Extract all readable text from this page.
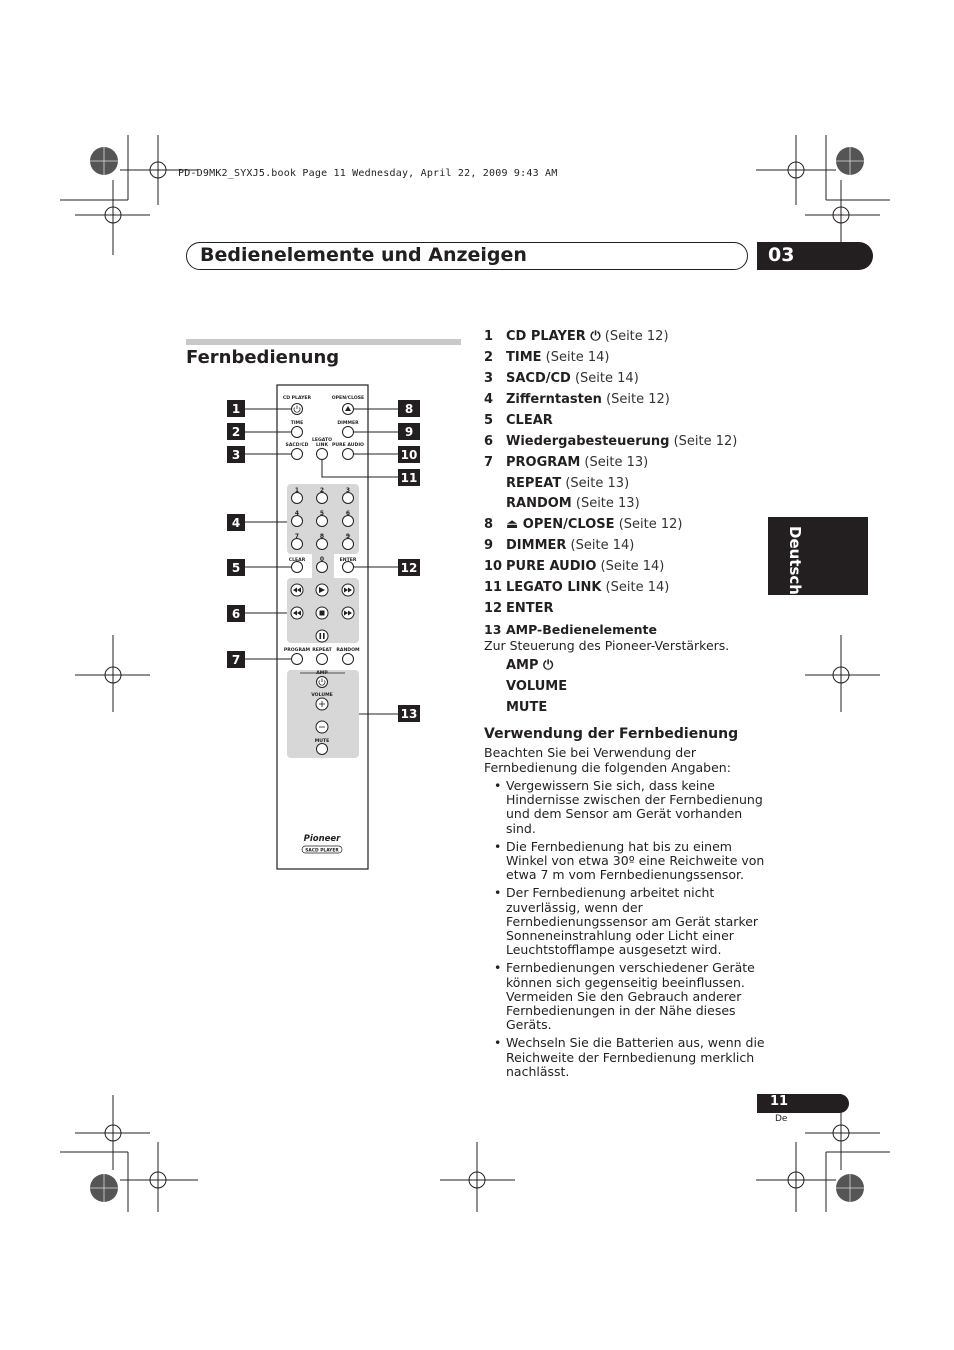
PD-D9MK2_SYXJ5.book Page 11 Wednesday, April 22, 2009 9:43 AM
Bedienelemente und Anzeigen	03
Fernbedienung
Deutsch
CD PLAYER	OPEN/CLOSE
TIME	DIMMER
SACD/CD
LEGATO
LINK PURE AUDIO
CLEAR	ENTER
PROGRAM REPEAT RANDOM
AMP
VOLUME
MUTE
1	2	3
4	5	6
7	8	9
0
Pioneer
SACD PLAYER
1
2
3
4
5
6
7
8
9
10
11
12
13
1 CD PLAYER ⏻ (Seite 12)
2 TIME (Seite 14)
3 SACD/CD (Seite 14)
4 Zifferntasten (Seite 12)
5 CLEAR
6 Wiedergabesteuerung (Seite 12)
7 PROGRAM (Seite 13)
REPEAT (Seite 13)
RANDOM (Seite 13)
8 ⏏ OPEN/CLOSE (Seite 12)
9 DIMMER (Seite 14)
10 PURE AUDIO (Seite 14)
11 LEGATO LINK (Seite 14)
12 ENTER
13 AMP-Bedienelemente
Zur Steuerung des Pioneer-Verstärkers.
AMP ⏻
VOLUME
MUTE
Verwendung der Fernbedienung
Beachten Sie bei Verwendung der Fernbedienung die folgenden Angaben:
• Vergewissern Sie sich, dass keine Hindernisse zwischen der Fernbedienung und dem Sensor am Gerät vorhanden sind.
• Die Fernbedienung hat bis zu einem Winkel von etwa 30º eine Reichweite von etwa 7 m vom Fernbedienungssensor.
• Der Fernbedienung arbeitet nicht zuverlässig, wenn der Fernbedienungssensor am Gerät starker Sonneneinstrahlung oder Licht einer Leuchtstofflampe ausgesetzt wird.
• Fernbedienungen verschiedener Geräte können sich gegenseitig beeinflussen. Vermeiden Sie den Gebrauch anderer Fernbedienungen in der Nähe dieses Geräts.
• Wechseln Sie die Batterien aus, wenn die Reichweite der Fernbedienung merklich nachlässt.
11
De
